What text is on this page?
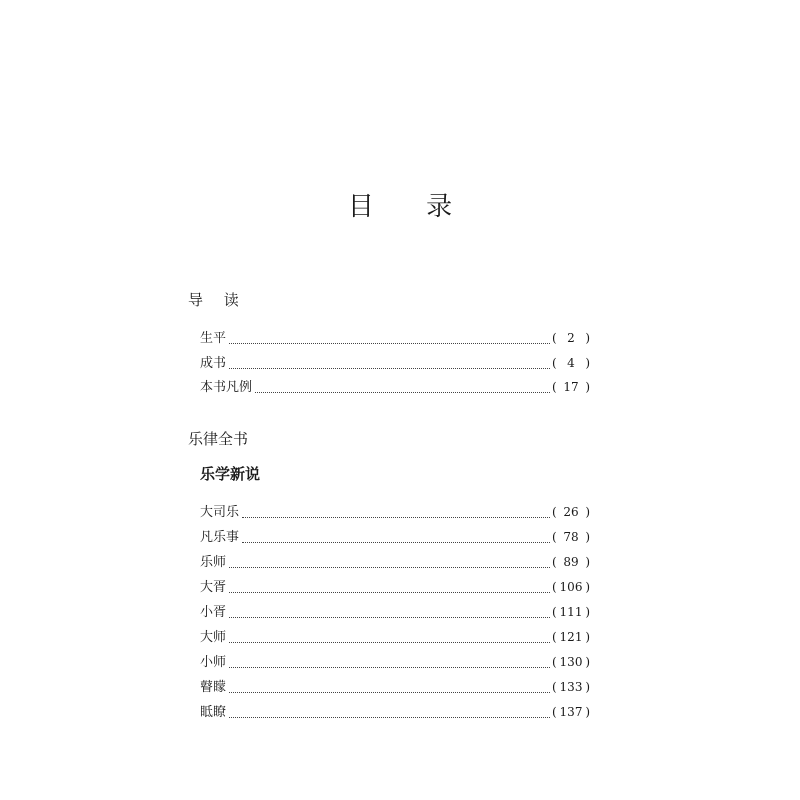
目 录
导 读
生平	( 2 )
成书	( 4 )
本书凡例	( 17 )
乐律全书
乐学新说
大司乐	( 26 )
凡乐事	( 78 )
乐师	( 89 )
大胥	( 106 )
小胥	( 111 )
大师	( 121 )
小师	( 130 )
瞽矇	( 133 )
眡瞭	( 137 )
